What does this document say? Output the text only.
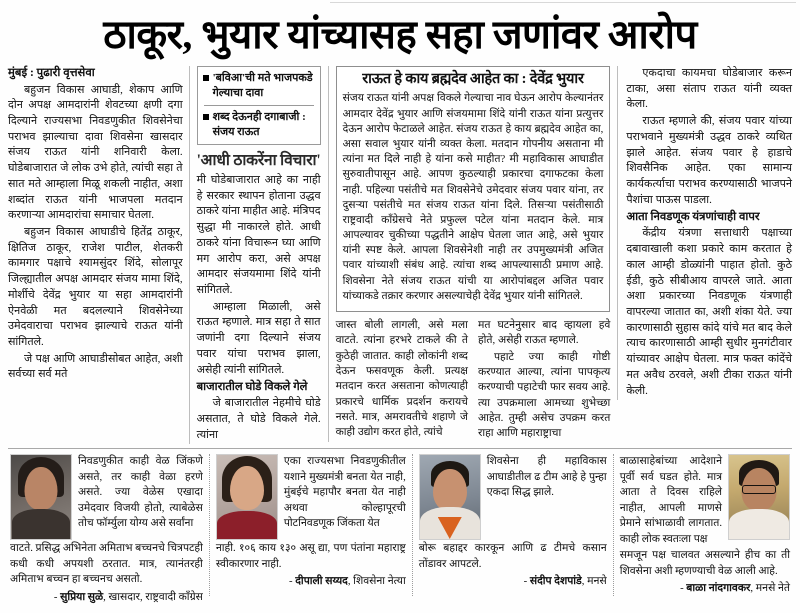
ठाकूर, भुयार यांच्यासह सहा जणांवर आरोप
मुंबई : पुढारी वृत्तसेवा

बहुजन विकास आघाडी, शेकाप आणि दोन अपक्ष आमदारांनी शेवटच्या क्षणी दगा दिल्याने राज्यसभा निवडणुकीत शिवसेनेचा पराभव झाल्याचा दावा शिवसेना खासदार संजय राऊत यांनी शनिवारी केला. घोडेबाजारात जे लोक उभे होते, त्यांची सहा ते सात मते आम्हाला मिळू शकली नाहीत, अशा शब्दांत राऊत यांनी भाजपला मतदान करणाऱ्या आमदारांचा समाचार घेतला.

बहुजन विकास आघाडीचे हितेंद्र ठाकूर, क्षितिज ठाकूर, राजेश पाटील, शेतकरी कामगार पक्षाचे श्यामसुंदर शिंदे, सोलापूर जिल्ह्यातील अपक्ष आमदार संजय मामा शिंदे, मोर्शीचे देवेंद्र भुयार या सहा आमदारांनी ऐनवेळी मत बदलल्याने शिवसेनेच्या उमेदवाराचा पराभव झाल्याचे राऊत यांनी सांगितले.

जे पक्ष आणि आघाडीसोबत आहेत, अशी सर्वच्या सर्व मते

'बविआ'ची मते भाजपकडे गेल्याचा दावा
शब्द देऊनही दगाबाजी : संजय राऊत
'आधी ठाकरेंना विचारा'

मी घोडेबाजारात आहे का नाही हे सरकार स्थापन होताना उद्धव ठाकरे यांना माहीत आहे. मंत्रिपद सुद्धा मी नाकारले होते. आधी ठाकरे यांना विचारून घ्या आणि मग आरोप करा, असे अपक्ष आमदार संजयमामा शिंदे यांनी सांगितले.

आम्हाला मिळाली, असे राऊत म्हणाले. मात्र सहा ते सात जणांनी दगा दिल्याने संजय पवार यांचा पराभव झाला, असेही त्यांनी सांगितले.

बाजारातील घोडे विकले गेले

जे बाजारातील नेहमीचे घोडे असतात, ते घोडे विकले गेले. त्यांना

राऊत हे काय ब्रह्मदेव आहेत का : देवेंद्र भुयार

संजय राऊत यांनी अपक्ष विकले गेल्याचा नाव घेऊन आरोप केल्यानंतर आमदार देवेंद्र भुयार आणि संजयमामा शिंदे यांनी राऊत यांना प्रत्युत्तर देऊन आरोप फेटाळले आहेत. संजय राऊत हे काय ब्रह्मदेव आहेत का, असा सवाल भुयार यांनी व्यक्त केला. मतदान गोपनीय असताना मी त्यांना मत दिले नाही हे यांना कसे माहीत? मी महाविकास आघाडीत सुरुवातीपासून आहे. आपण कुठल्याही प्रकारचा दगाफटका केला नाही. पहिल्या पसंतीचे मत शिवसेनेचे उमेदवार संजय पवार यांना, तर दुसऱ्या पसंतीचे मत संजय राऊत यांना दिले. तिसऱ्या पसंतीसाठी राष्ट्रवादी काँग्रेसचे नेते प्रफुल्ल पटेल यांना मतदान केले. मात्र आपल्यावर चुकीच्या पद्धतीने आक्षेप घेतला जात आहे, असे भुयार यांनी स्पष्ट केले. आपला शिवसेनेशी नाही तर उपमुख्यमंत्री अजित पवार यांच्याशी संबंध आहे. त्यांचा शब्द आपल्यासाठी प्रमाण आहे. शिवसेना नेते संजय राऊत यांची या आरोपांबद्दल अजित पवार यांच्याकडे तक्रार करणार असल्याचेही देवेंद्र भुयार यांनी सांगितले.

जास्त बोली लागली, असे मला वाटते. त्यांना हरभरे टाकले की ते कुठेही जातात. काही लोकांनी शब्द देऊन फसवणूक केली. प्रत्यक्ष मतदान करत असताना कोणत्याही प्रकारचे धार्मिक प्रदर्शन करायचे नसते. मात्र, अमरावतीचे शहाणे जे काही उद्योग करत होते, त्यांचे

मत घटनेनुसार बाद व्हायला हवे होते, असेही राऊत म्हणाले.

पहाटे ज्या काही गोष्टी करण्यात आल्या, त्यांना पापकृत्य करण्याची पहाटेची फार सवय आहे. त्या उपक्रमाला आमच्या शुभेच्छा आहेत. तुम्ही असेच उपक्रम करत राहा आणि महाराष्ट्राचा

एकदाचा कायमचा घोडेबाजार करून टाका, असा संताप राऊत यांनी व्यक्त केला.

राऊत म्हणाले की, संजय पवार यांच्या पराभवाने मुख्यमंत्री उद्धव ठाकरे व्यथित झाले आहेत. संजय पवार हे हाडाचे शिवसैनिक आहेत. एका सामान्य कार्यकर्त्याचा पराभव करण्यासाठी भाजपने पैशांचा पाऊस पाडला.

आता निवडणूक यंत्रणांचाही वापर

केंद्रीय यंत्रणा सत्ताधारी पक्षाच्या दबावाखाली कशा प्रकारे काम करतात हे काल आम्ही डोळ्यांनी पाहात होतो. कुठे ईडी, कुठे सीबीआय वापरले जाते. आता अशा प्रकारच्या निवडणूक यंत्रणाही वापरल्या जातात का, अशी शंका येते. ज्या कारणासाठी सुहास कांदे यांचे मत बाद केले त्याच कारणासाठी आम्ही सुधीर मुनगंटीवार यांच्यावर आक्षेप घेतला. मात्र फक्त कांदेंचे मत अवैध ठरवले, अशी टीका राऊत यांनी केली.

निवडणुकीत काही वेळ जिंकणे असते, तर काही वेळा हरणे असते. ज्या वेळेस एखादा उमेदवार विजयी होतो, त्याबेळेस तोच फॉर्म्युला योग्य असे सर्वांना
वाटते. प्रसिद्ध अभिनेता अमिताभ बच्चनचे चित्रपटही कधी कधी अपयशी ठरतात. मात्र, त्यानंतरही अमिताभ बच्चन हा बच्चनच असतो.
- सुप्रिया सुळे, खासदार, राष्ट्रवादी काँग्रेस
एका राज्यसभा निवडणुकीतील यशाने मुख्यमंत्री बनता येत नाही, मुंबईचे महापौर बनता येत नाही अथवा कोल्हापूरची पोटनिवडणूक जिंकता येत
नाही. १०६ काय १३० असू द्या, पण पंतांना महाराष्ट्र स्वीकारणार नाही.
- दीपाली सय्यद, शिवसेना नेत्या
शिवसेना ही महाविकास आघाडीतील ढ टीम आहे हे पुन्हा एकदा सिद्ध झाले.
बोरू बहाद्दर कारकून आणि ढ टीमचे कसान तोंडावर आपटले.
- संदीप देशपांडे, मनसे
बाळासाहेबांच्या आदेशाने पूर्वी सर्व घडत होते. मात्र आता ते दिवस राहिले नाहीत, आपली माणसे प्रेमाने सांभाळावी लागतात. काही लोक स्वतःला पक्ष
समजून पक्ष चालवत असल्याने हीच का ती शिवसेना अशी म्हणण्याची वेळ आली आहे.
- बाळा नांदगावकर, मनसे नेते
